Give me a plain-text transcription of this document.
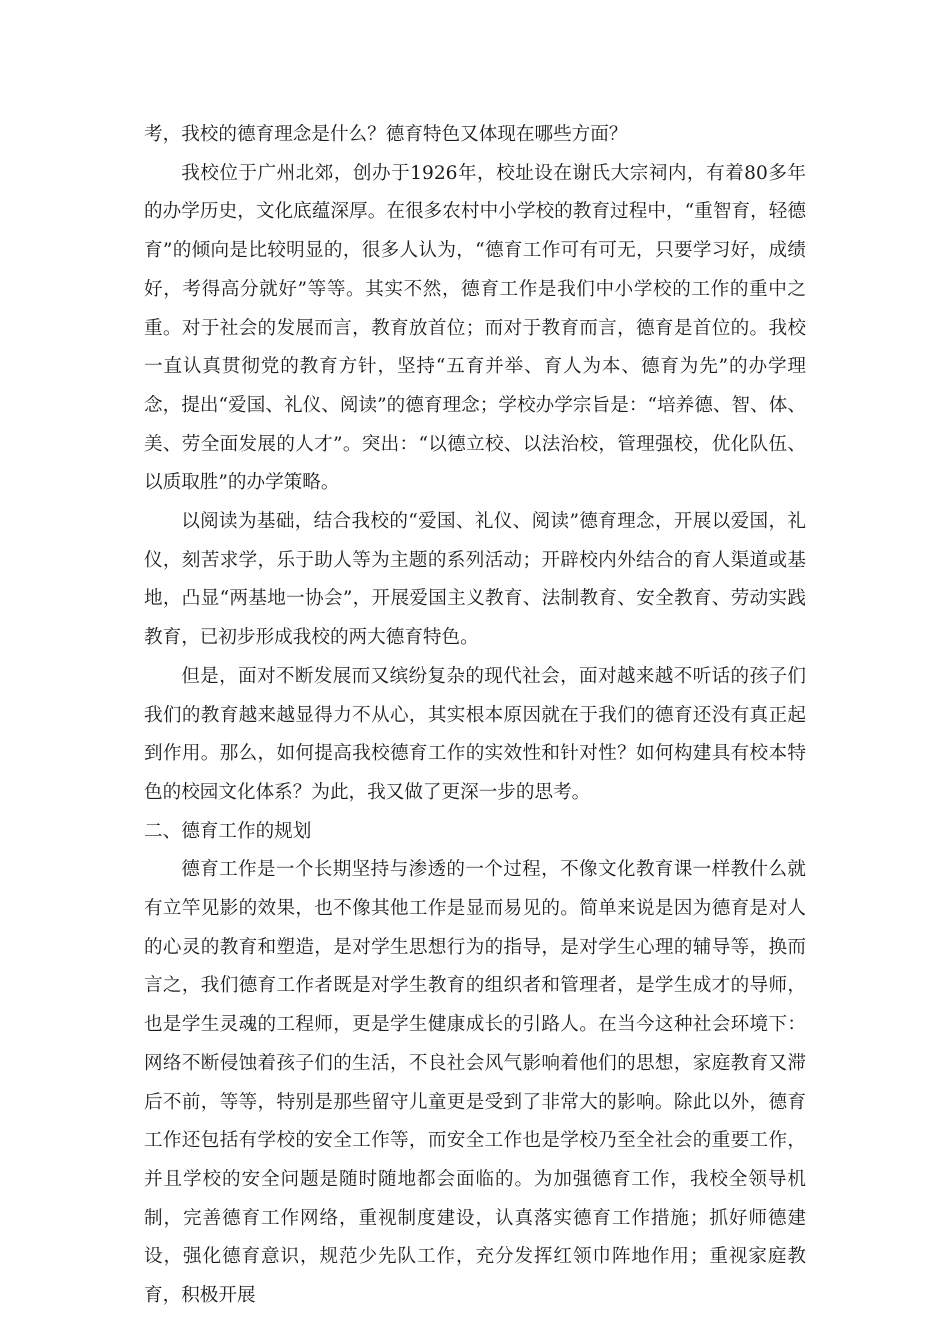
考，我校的德育理念是什么？德育特色又体现在哪些方面？

我校位于广州北郊，创办于1926年，校址设在谢氏大宗祠内，有着80多年的办学历史，文化底蕴深厚。在很多农村中小学校的教育过程中，“重智育，轻德育”的倾向是比较明显的，很多人认为，“德育工作可有可无，只要学习好，成绩好，考得高分就好”等等。其实不然，德育工作是我们中小学校的工作的重中之重。对于社会的发展而言，教育放首位；而对于教育而言，德育是首位的。我校一直认真贯彻党的教育方针，坚持“五育并举、育人为本、德育为先”的办学理念，提出“爱国、礼仪、阅读”的德育理念；学校办学宗旨是：“培养德、智、体、美、劳全面发展的人才”。突出：“以德立校、以法治校，管理强校，优化队伍、以质取胜”的办学策略。

以阅读为基础，结合我校的“爱国、礼仪、阅读”德育理念，开展以爱国，礼仪，刻苦求学，乐于助人等为主题的系列活动；开辟校内外结合的育人渠道或基地，凸显“两基地一协会”，开展爱国主义教育、法制教育、安全教育、劳动实践教育，已初步形成我校的两大德育特色。

但是，面对不断发展而又缤纷复杂的现代社会，面对越来越不听话的孩子们我们的教育越来越显得力不从心，其实根本原因就在于我们的德育还没有真正起到作用。那么，如何提高我校德育工作的实效性和针对性？如何构建具有校本特色的校园文化体系？为此，我又做了更深一步的思考。

二、德育工作的规划

德育工作是一个长期坚持与渗透的一个过程，不像文化教育课一样教什么就有立竿见影的效果，也不像其他工作是显而易见的。简单来说是因为德育是对人的心灵的教育和塑造，是对学生思想行为的指导，是对学生心理的辅导等，换而言之，我们德育工作者既是对学生教育的组织者和管理者，是学生成才的导师，也是学生灵魂的工程师，更是学生健康成长的引路人。在当今这种社会环境下：网络不断侵蚀着孩子们的生活，不良社会风气影响着他们的思想，家庭教育又滞后不前，等等，特别是那些留守儿童更是受到了非常大的影响。除此以外，德育工作还包括有学校的安全工作等，而安全工作也是学校乃至全社会的重要工作，并且学校的安全问题是随时随地都会面临的。为加强德育工作，我校全领导机制，完善德育工作网络，重视制度建设，认真落实德育工作措施；抓好师德建设，强化德育意识，规范少先队工作，充分发挥红领巾阵地作用；重视家庭教育，积极开展
